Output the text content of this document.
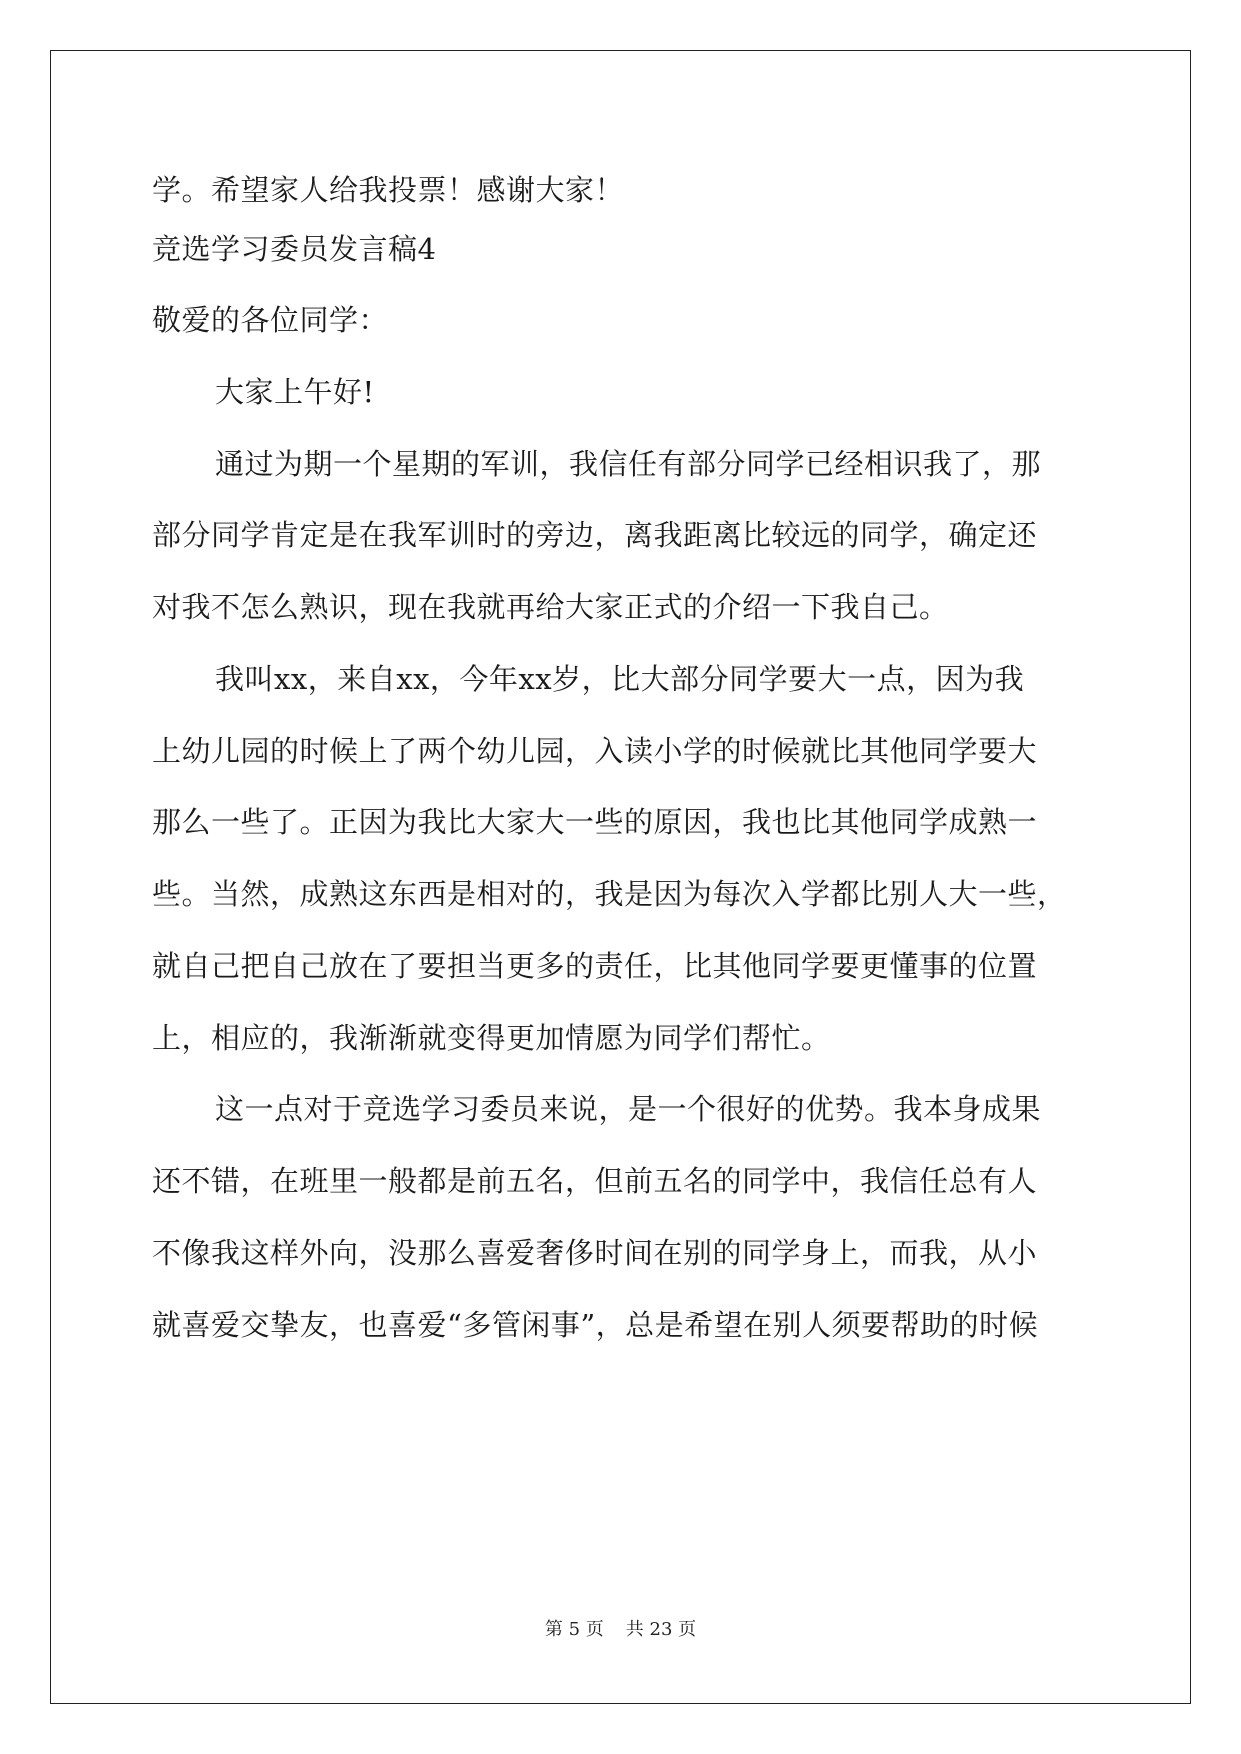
学。希望家人给我投票！感谢大家！

竞选学习委员发言稿4

敬爱的各位同学：

大家上午好!

通过为期一个星期的军训，我信任有部分同学已经相识我了，那

部分同学肯定是在我军训时的旁边，离我距离比较远的同学，确定还

对我不怎么熟识，现在我就再给大家正式的介绍一下我自己。

我叫xx，来自xx，今年xx岁，比大部分同学要大一点，因为我

上幼儿园的时候上了两个幼儿园，入读小学的时候就比其他同学要大

那么一些了。正因为我比大家大一些的原因，我也比其他同学成熟一

些。当然，成熟这东西是相对的，我是因为每次入学都比别人大一些，

就自己把自己放在了要担当更多的责任，比其他同学要更懂事的位置

上，相应的，我渐渐就变得更加情愿为同学们帮忙。

这一点对于竞选学习委员来说，是一个很好的优势。我本身成果

还不错，在班里一般都是前五名，但前五名的同学中，我信任总有人

不像我这样外向，没那么喜爱奢侈时间在别的同学身上，而我，从小

就喜爱交挚友，也喜爱“多管闲事”，总是希望在别人须要帮助的时候

第 5 页 共 23 页
